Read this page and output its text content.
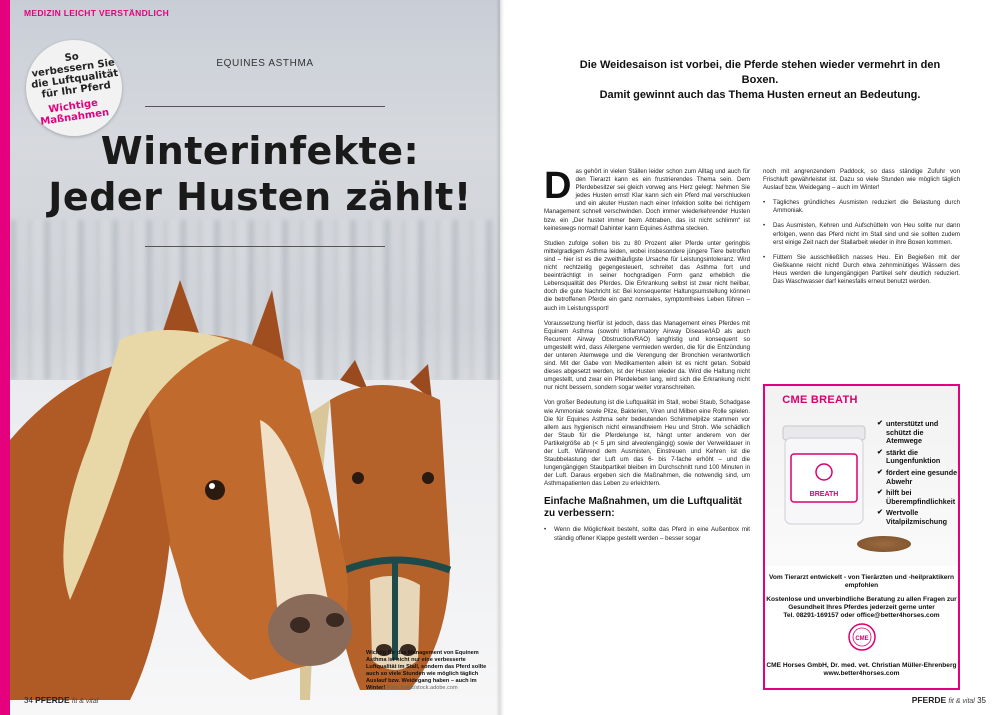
MEDIZIN LEICHT VERSTÄNDLICH
So
verbessern Sie
die Luftqualität
für Ihr Pferd
Wichtige
Maßnahmen
EQUINES ASTHMA
Winterinfekte:
Jeder Husten zählt!
Wichtig für das Management von Equinem Asthma ist nicht nur eine verbesserte Luftqualität im Stall, sondern das Pferd sollte auch so viele Stunden wie möglich täglich Auslauf bzw. Weidegang haben – auch im Winter! Foto: kwiat/stock.adobe.com
34 PFERDE fit & vital
Die Weidesaison ist vorbei, die Pferde stehen wieder vermehrt in den Boxen.
Damit gewinnt auch das Thema Husten erneut an Bedeutung.

Das gehört in vielen Ställen leider schon zum Alltag und auch für den Tierarzt kann es ein frustrierendes Thema sein. Dem Pferdebesitzer sei gleich vorweg ans Herz gelegt: Nehmen Sie jedes Husten ernst! Klar kann sich ein Pferd mal verschlucken und ein akuter Husten nach einer Infektion sollte bei richtigem Management schnell verschwinden. Doch immer wiederkehrender Husten bzw. ein „Der hustet immer beim Abtraben, das ist nicht schlimm“ ist keineswegs normal! Dahinter kann Equines Asthma stecken.

Studien zufolge sollen bis zu 80 Prozent aller Pferde unter geringbis mittelgradigem Asthma leiden, wobei insbesondere jüngere Tiere betroffen sind – hier ist es die zweithäufigste Ursache für Leistungsintoleranz. Wird nicht rechtzeitig gegengesteuert, schreitet das Asthma fort und beeinträchtigt in seiner hochgradigen Form ganz erheblich die Lebensqualität des Pferdes. Die Erkrankung selbst ist zwar nicht heilbar, doch die gute Nachricht ist: Bei konsequenter Haltungsumstellung können die betroffenen Pferde ein ganz normales, symptomfreies Leben führen – auch im Leistungssport!

Voraussetzung hierfür ist jedoch, dass das Management eines Pferdes mit Equinem Asthma (sowohl Inflammatory Airway Disease/IAD als auch Recurrent Airway Obstruction/RAO) langfristig und konsequent so umgestellt wird, dass Allergene vermieden werden, die für die Entzündung der unteren Atemwege und die Verengung der Bronchien verantwortlich sind. Mit der Gabe von Medikamenten allein ist es nicht getan. Sobald dieses abgesetzt werden, ist der Husten wieder da. Wird die Haltung nicht umgestellt, und zwar ein Pferdeleben lang, wird sich die Erkrankung nicht nur nicht bessern, sondern sogar weiter voranschreiten.

Von großer Bedeutung ist die Luftqualität im Stall, wobei Staub, Schadgase wie Ammoniak sowie Pilze, Bakterien, Viren und Milben eine Rolle spielen. Die für Equines Asthma sehr bedeutenden Schimmelpilze stammen vor allem aus hygienisch nicht einwandfreiem Heu und Stroh. Wie schädlich der Staub für die Pferdelunge ist, hängt unter anderem von der Partikelgröße ab (< 5 µm sind alveolengängig) sowie der Verweildauer in der Luft. Während dem Ausmisten, Einstreuen und Kehren ist die Staubbelastung der Luft um das 6- bis 7-fache erhöht – und die lungengängigen Staubpartikel bleiben im Durchschnitt rund 100 Minuten in der Luft. Daraus ergeben sich die Maßnahmen, die notwendig sind, um Asthmapatienten das Leben zu erleichtern.

Einfache Maßnahmen, um die Luftqualität zu verbessern:

• Wenn die Möglichkeit besteht, sollte das Pferd in eine Außenbox mit ständig offener Klappe gestellt werden – besser sogar

noch mit angrenzendem Paddock, so dass ständige Zufuhr von Frischluft gewährleistet ist. Dazu so viele Stunden wie möglich täglich Auslauf bzw. Weidegang – auch im Winter!

• Tägliches gründliches Ausmisten reduziert die Belastung durch Ammoniak.

• Das Ausmisten, Kehren und Aufschütteln von Heu sollte nur dann erfolgen, wenn das Pferd nicht im Stall sind und sie sollten zudem erst einige Zeit nach der Stallarbeit wieder in ihre Boxen kommen.

• Füttern Sie ausschließlich nasses Heu. Ein Begießen mit der Gießkanne reicht nicht! Durch etwa zehnminütiges Wässern des Heus werden die lungengängigen Partikel sehr deutlich reduziert. Das Waschwasser darf keinesfalls erneut benutzt werden.

CME BREATH
BREATH
✔ unterstützt und schützt die Atemwege
✔ stärkt die Lungenfunktion
✔ fördert eine gesunde Abwehr
✔ hilft bei Überempfindlichkeit
✔ Wertvolle Vitalpilzmischung
Vom Tierarzt entwickelt - von Tierärzten und -heilpraktikern empfohlen
Kostenlose und unverbindliche Beratung zu allen Fragen zur Gesundheit Ihres Pferdes jederzeit gerne unter
Tel. 08291-169157 oder office@better4horses.com
CME
CME Horses GmbH, Dr. med. vet. Christian Müller-Ehrenberg
www.better4horses.com
PFERDE fit & vital 35
